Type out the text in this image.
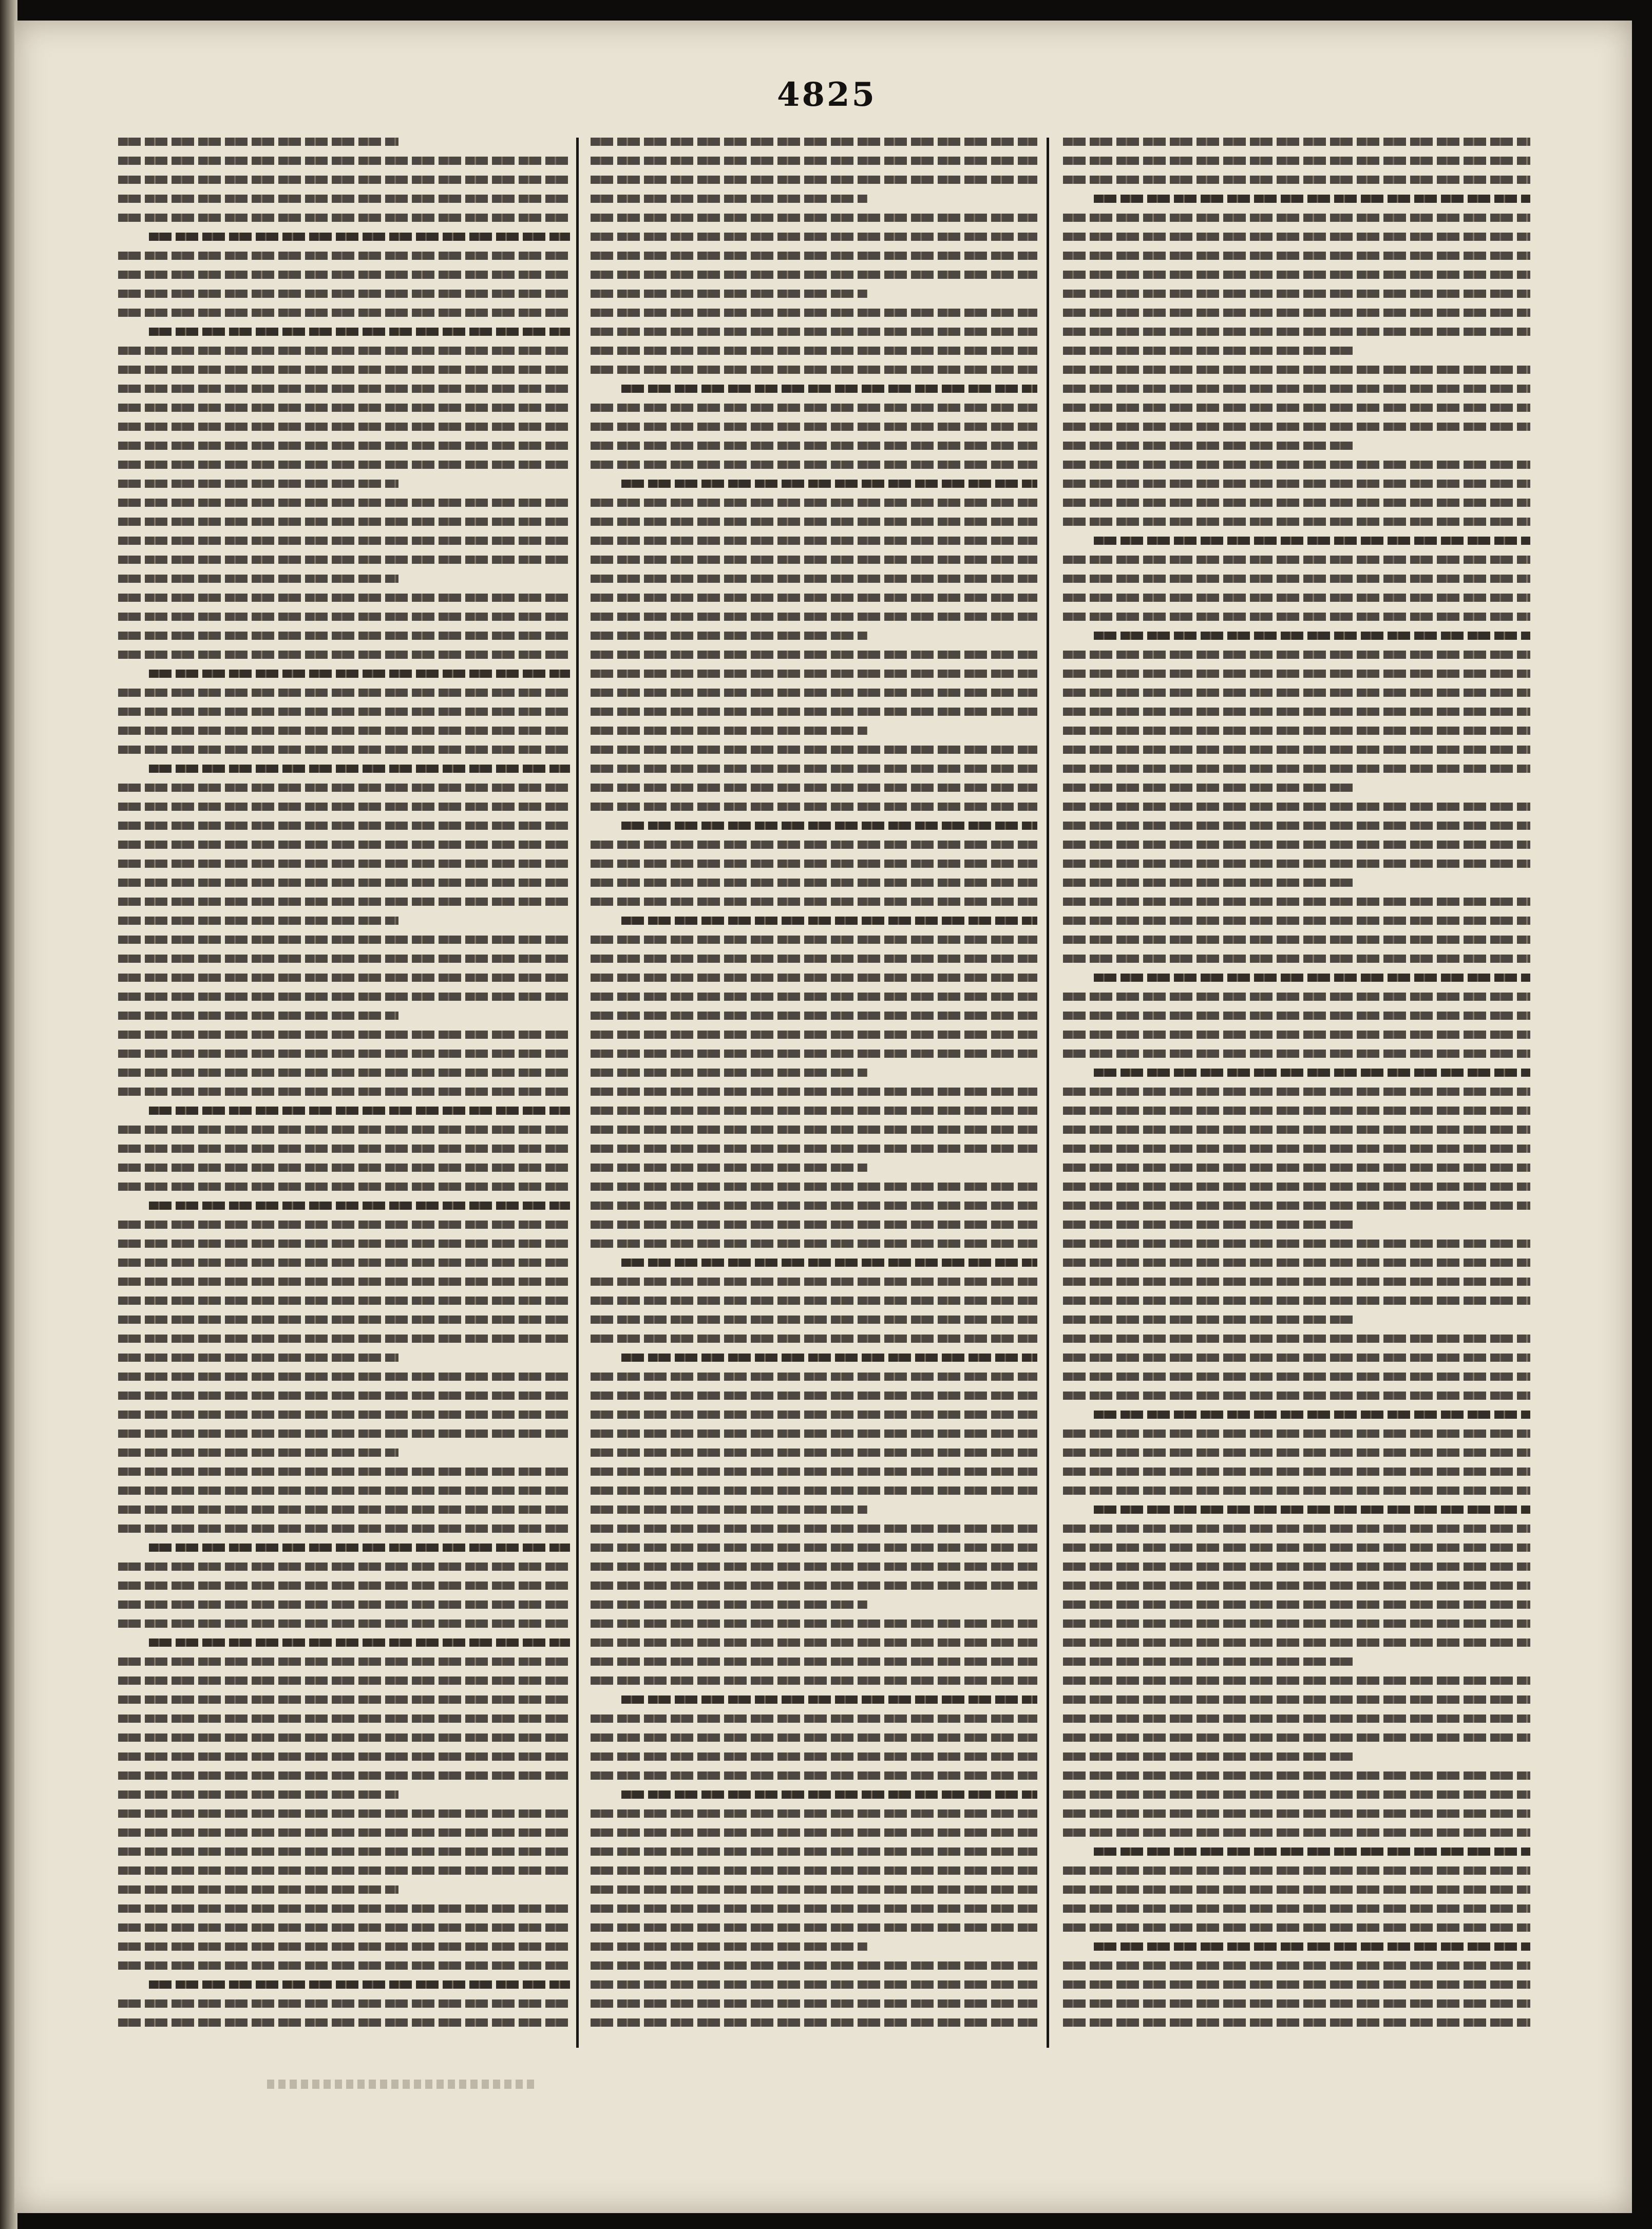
4825
